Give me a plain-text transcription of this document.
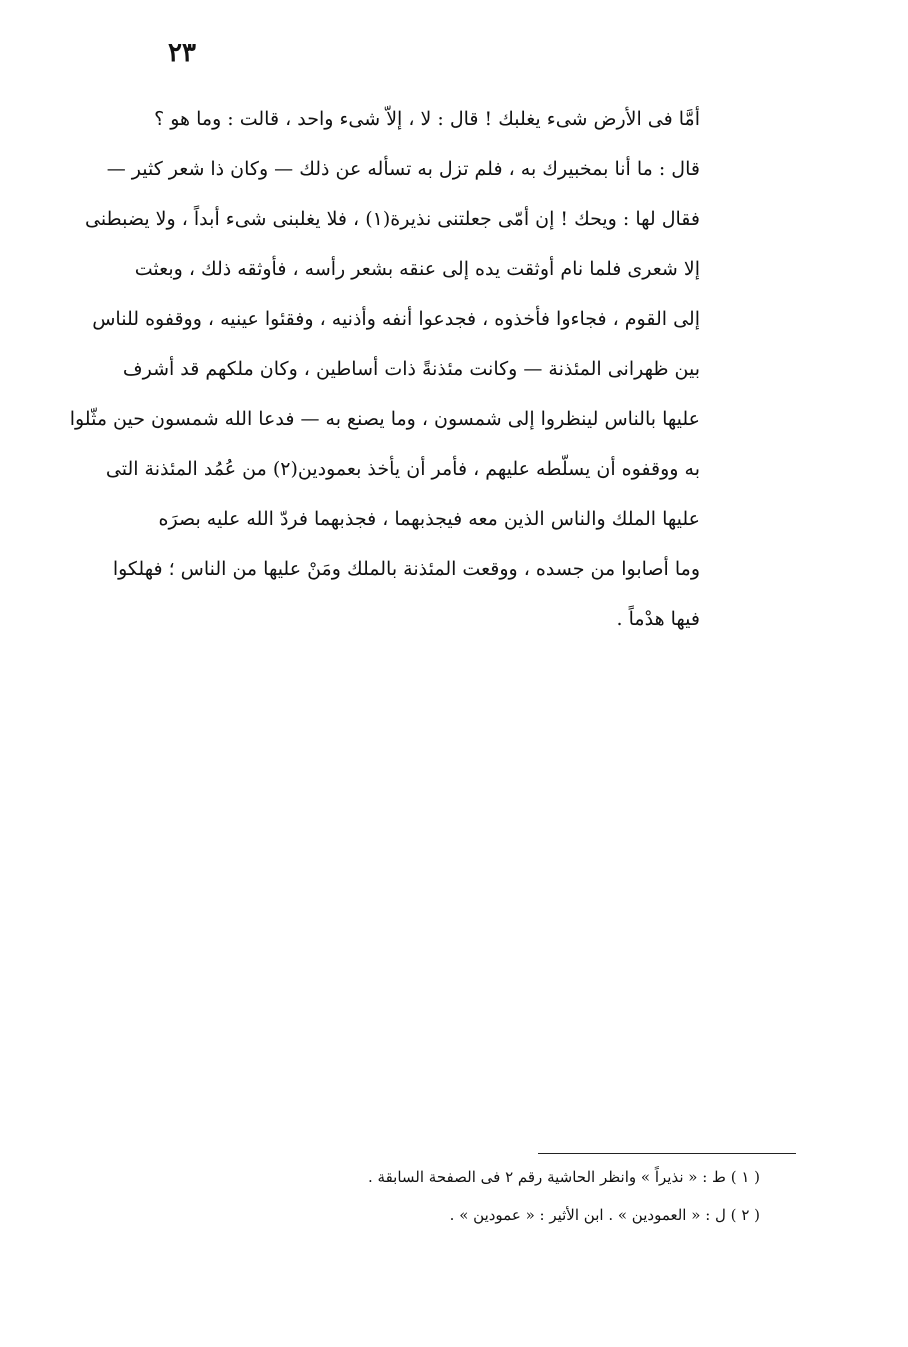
٢٣
أمَّا فى الأرض شىء يغلبك ! قال : لا ، إلاّ شىء واحد ، قالت : وما هو ؟
قال : ما أنا بمخبيرك به ، فلم تزل به تسأله عن ذلك — وكان ذا شعر كثير —
فقال لها : ويحك ! إن أمّى جعلتنى نذيرة(١) ، فلا يغلبنى شىء أبداً ، ولا يضبطنى
إلا شعرى فلما نام أوثقت يده إلى عنقه بشعر رأسه ، فأوثقه ذلك ، وبعثت
إلى القوم ، فجاءوا فأخذوه ، فجدعوا أنفه وأذنيه ، وفقئوا عينيه ، ووقفوه للناس
بين ظهرانى المئذنة — وكانت مئذنةً ذات أساطين ، وكان ملكهم قد أشرف
عليها بالناس لينظروا إلى شمسون ، وما يصنع به — فدعا الله شمسون حين مثّلوا
به ووقفوه أن يسلّطه عليهم ، فأمر أن يأخذ بعمودين(٢) من عُمُد المئذنة التى
عليها الملك والناس الذين معه فيجذبهما ، فجذبهما فردّ الله عليه بصرَه
وما أصابوا من جسده ، ووقعت المئذنة بالملك ومَنْ عليها من الناس ؛ فهلكوا
فيها هدْماً .
( ١ ) ط : « نذيراً » وانظر الحاشية رقم ٢ فى الصفحة السابقة .
( ٢ ) ل : « العمودين » . ابن الأثير : « عمودين » .
